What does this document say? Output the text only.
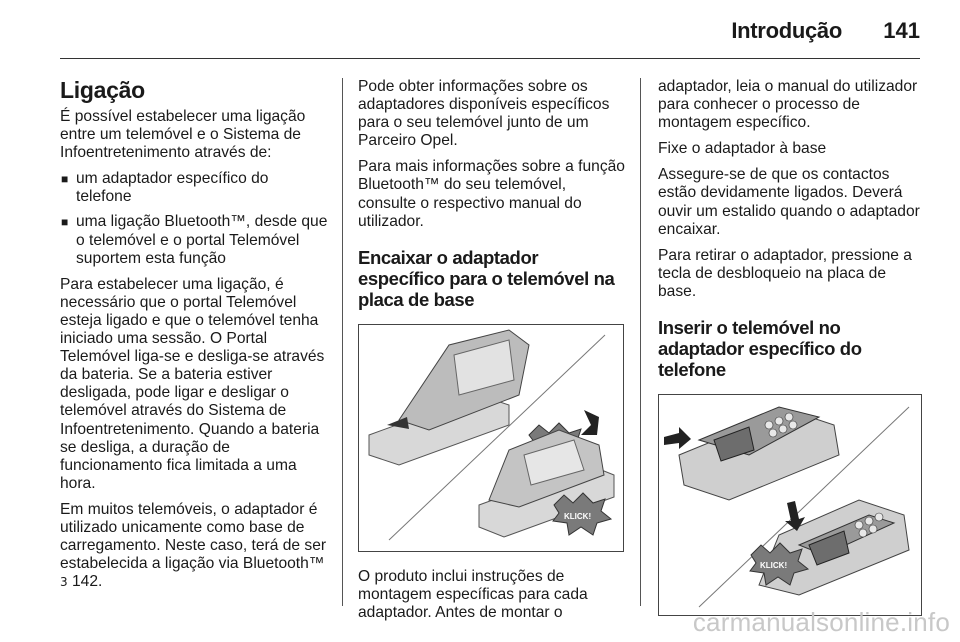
Introdução 141
Ligação

É possível estabelecer uma ligação entre um telemóvel e o Sistema de Infoentretenimento através de:

■ um adaptador específico do telefone
■ uma ligação Bluetooth™, desde que o telemóvel e o portal Telemóvel suportem esta função

Para estabelecer uma ligação, é necessário que o portal Telemóvel esteja ligado e que o telemóvel tenha iniciado uma sessão. O Portal Telemóvel liga-se e desliga-se através da bateria. Se a bateria estiver desligada, pode ligar e desligar o telemóvel através do Sistema de Infoentretenimento. Quando a bateria se desliga, a duração de funcionamento fica limitada a uma hora.

Em muitos telemóveis, o adaptador é utilizado unicamente como base de carregamento. Neste caso, terá de ser estabelecida a ligação via Bluetooth™ 3 142.

Pode obter informações sobre os adaptadores disponíveis específicos para o seu telemóvel junto de um Parceiro Opel.

Para mais informações sobre a função Bluetooth™ do seu telemóvel, consulte o respectivo manual do utilizador.

Encaixar o adaptador específico para o telemóvel na placa de base
KLICK!

O produto inclui instruções de montagem específicas para cada adaptador. Antes de montar o

adaptador, leia o manual do utilizador para conhecer o processo de montagem específico.

Fixe o adaptador à base

Assegure-se de que os contactos estão devidamente ligados. Deverá ouvir um estalido quando o adaptador encaixar.

Para retirar o adaptador, pressione a tecla de desbloqueio na placa de base.

Inserir o telemóvel no adaptador específico do telefone
KLICK!
carmanualsonline.info
